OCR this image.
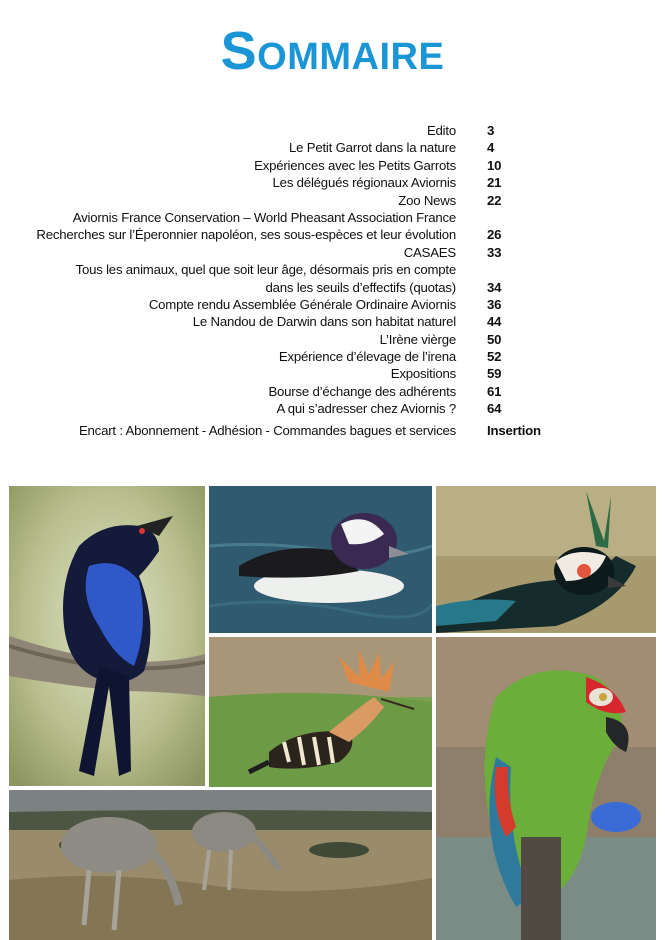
Sommaire
Edito 3
Le Petit Garrot dans la nature 4
Expériences avec les Petits Garrots 10
Les délégués régionaux Aviornis 21
Zoo News 22
Aviornis France Conservation – World Pheasant Association France
Recherches sur l’Éperonnier napoléon, ses sous-espèces et leur évolution 26
CASAES 33
Tous les animaux, quel que soit leur âge, désormais pris en compte
dans les seuils d’effectifs (quotas) 34
Compte rendu Assemblée Générale Ordinaire Aviornis 36
Le Nandou de Darwin dans son habitat naturel 44
L’Irène vièrge 50
Expérience d’élevage de l’irena 52
Expositions 59
Bourse d’échange des adhérents 61
A qui s’adresser chez Aviornis ? 64
Encart : Abonnement - Adhésion - Commandes bagues et services Insertion
